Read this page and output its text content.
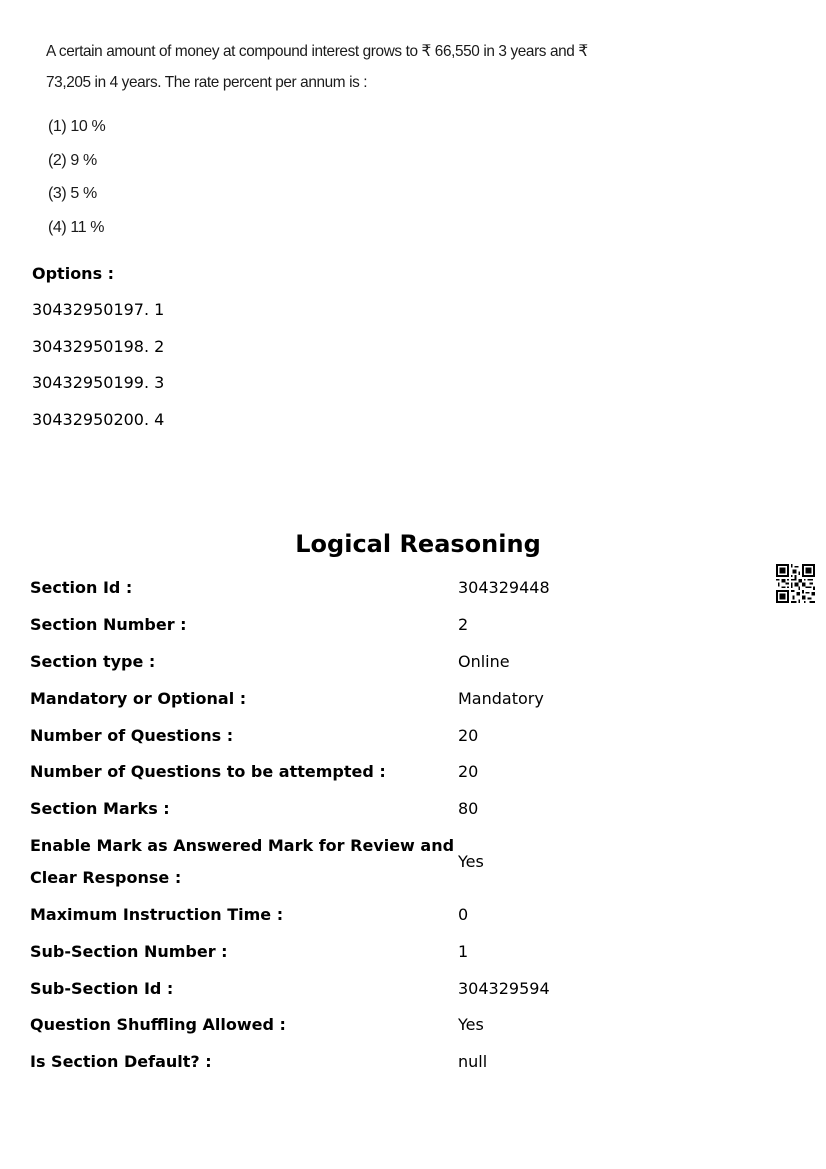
A certain amount of money at compound interest grows to ₹ 66,550 in 3 years and ₹ 73,205 in 4 years. The rate percent per annum is :
(1) 10 %
(2) 9 %
(3) 5 %
(4) 11 %
Options :
30432950197. 1
30432950198. 2
30432950199. 3
30432950200. 4
Logical Reasoning
Section Id :	304329448
Section Number :	2
Section type :	Online
Mandatory or Optional :	Mandatory
Number of Questions :	20
Number of Questions to be attempted :	20
Section Marks :	80
Enable Mark as Answered Mark for Review and Clear Response :	Yes
Maximum Instruction Time :	0
Sub-Section Number :	1
Sub-Section Id :	304329594
Question Shuffling Allowed :	Yes
Is Section Default? :	null
